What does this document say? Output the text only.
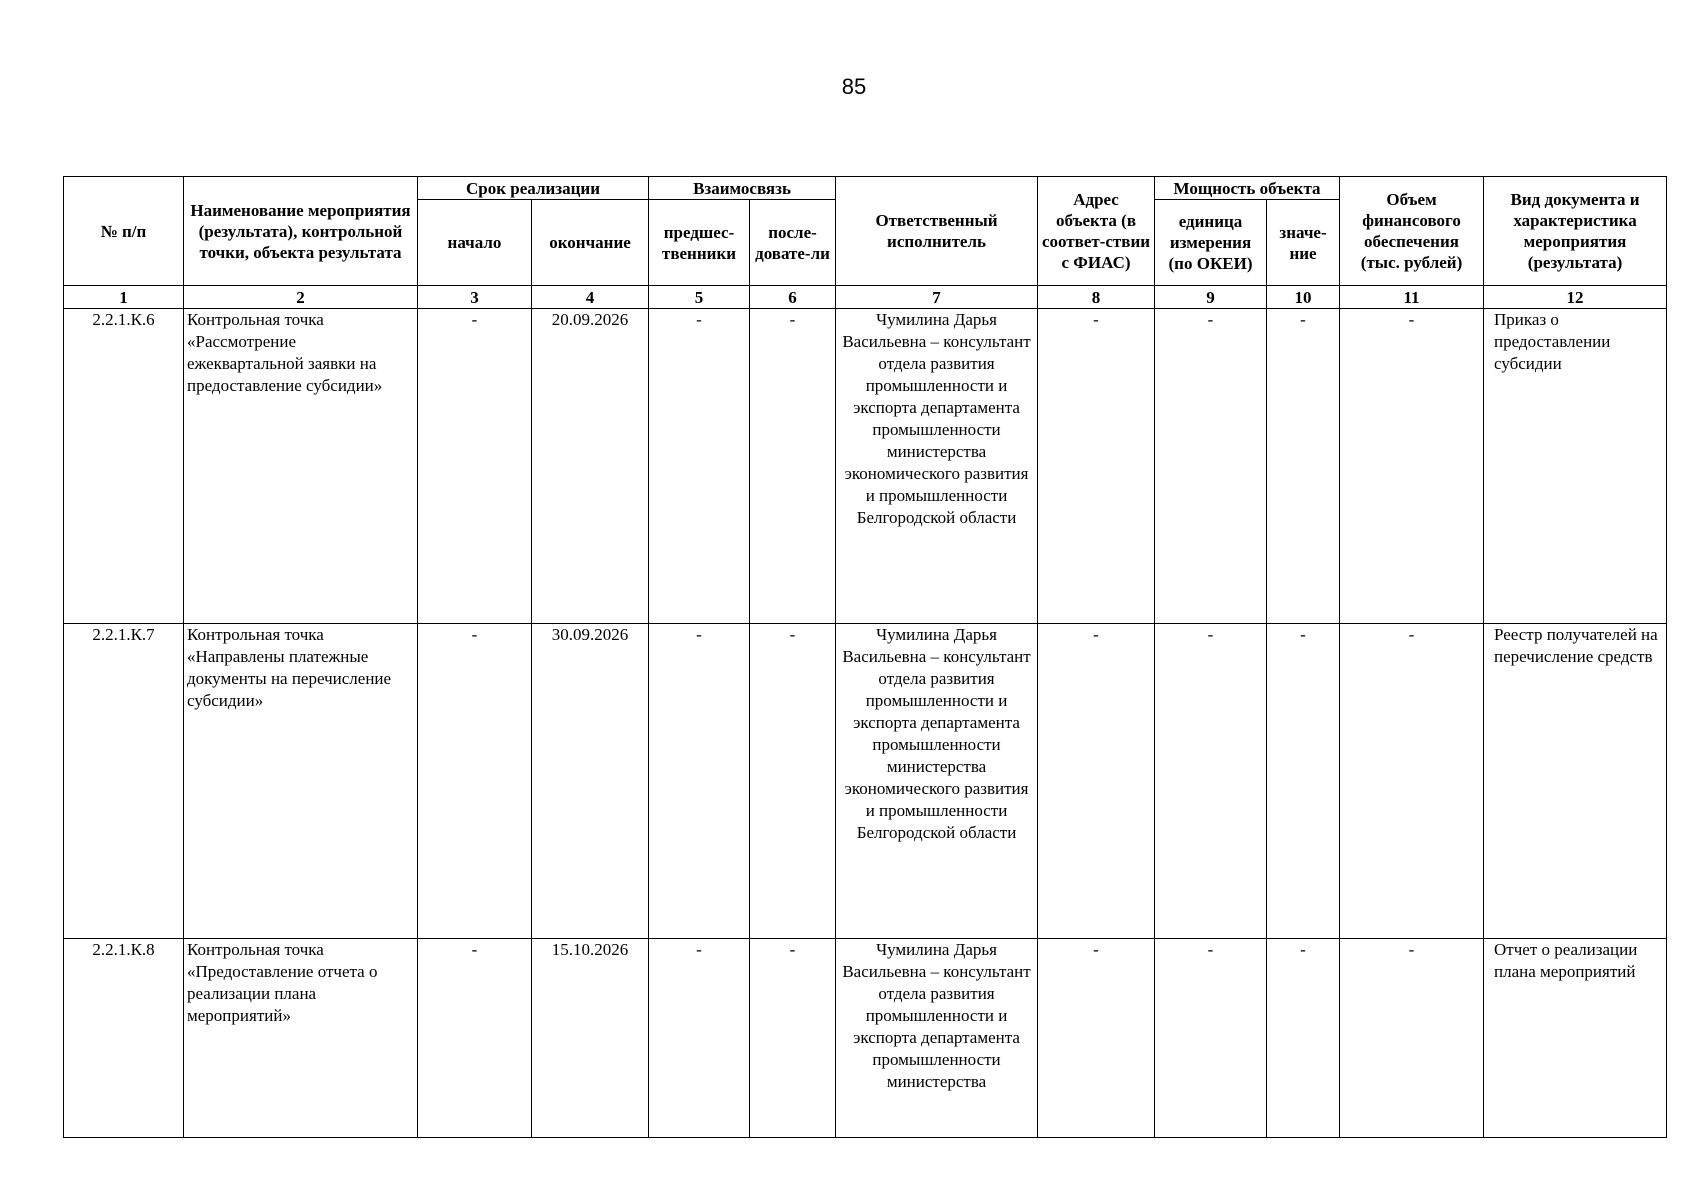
85
№ п/п	Наименование мероприятия (результата), контрольной точки, объекта результата	Срок реализации		Взаимосвязь		Ответственный исполнитель	Адрес объекта (в соответ-ствии с ФИАС)	Мощность объекта		Объем финансового обеспечения (тыс. рублей)	Вид документа и характеристика мероприятия (результата)
		начало	окончание	предшес-твенники	после-довате-ли			единица измерения (по ОКЕИ)	значе-ние		
1	2	3	4	5	6	7	8	9	10	11	12
2.2.1.К.6	Контрольная точка «Рассмотрение ежеквартальной заявки на предоставление субсидии»	-	20.09.2026	-	-	Чумилина Дарья Васильевна – консультант отдела развития промышленности и экспорта департамента промышленности министерства экономического развития и промышленности Белгородской области	-	-	-	-	Приказ о предоставлении субсидии
2.2.1.К.7	Контрольная точка «Направлены платежные документы на перечисление субсидии»	-	30.09.2026	-	-	Чумилина Дарья Васильевна – консультант отдела развития промышленности и экспорта департамента промышленности министерства экономического развития и промышленности Белгородской области	-	-	-	-	Реестр получателей на перечисление средств
2.2.1.К.8	Контрольная точка «Предоставление отчета о реализации плана мероприятий»	-	15.10.2026	-	-	Чумилина Дарья Васильевна – консультант отдела развития промышленности и экспорта департамента промышленности министерства	-	-	-	-	Отчет о реализации плана мероприятий
